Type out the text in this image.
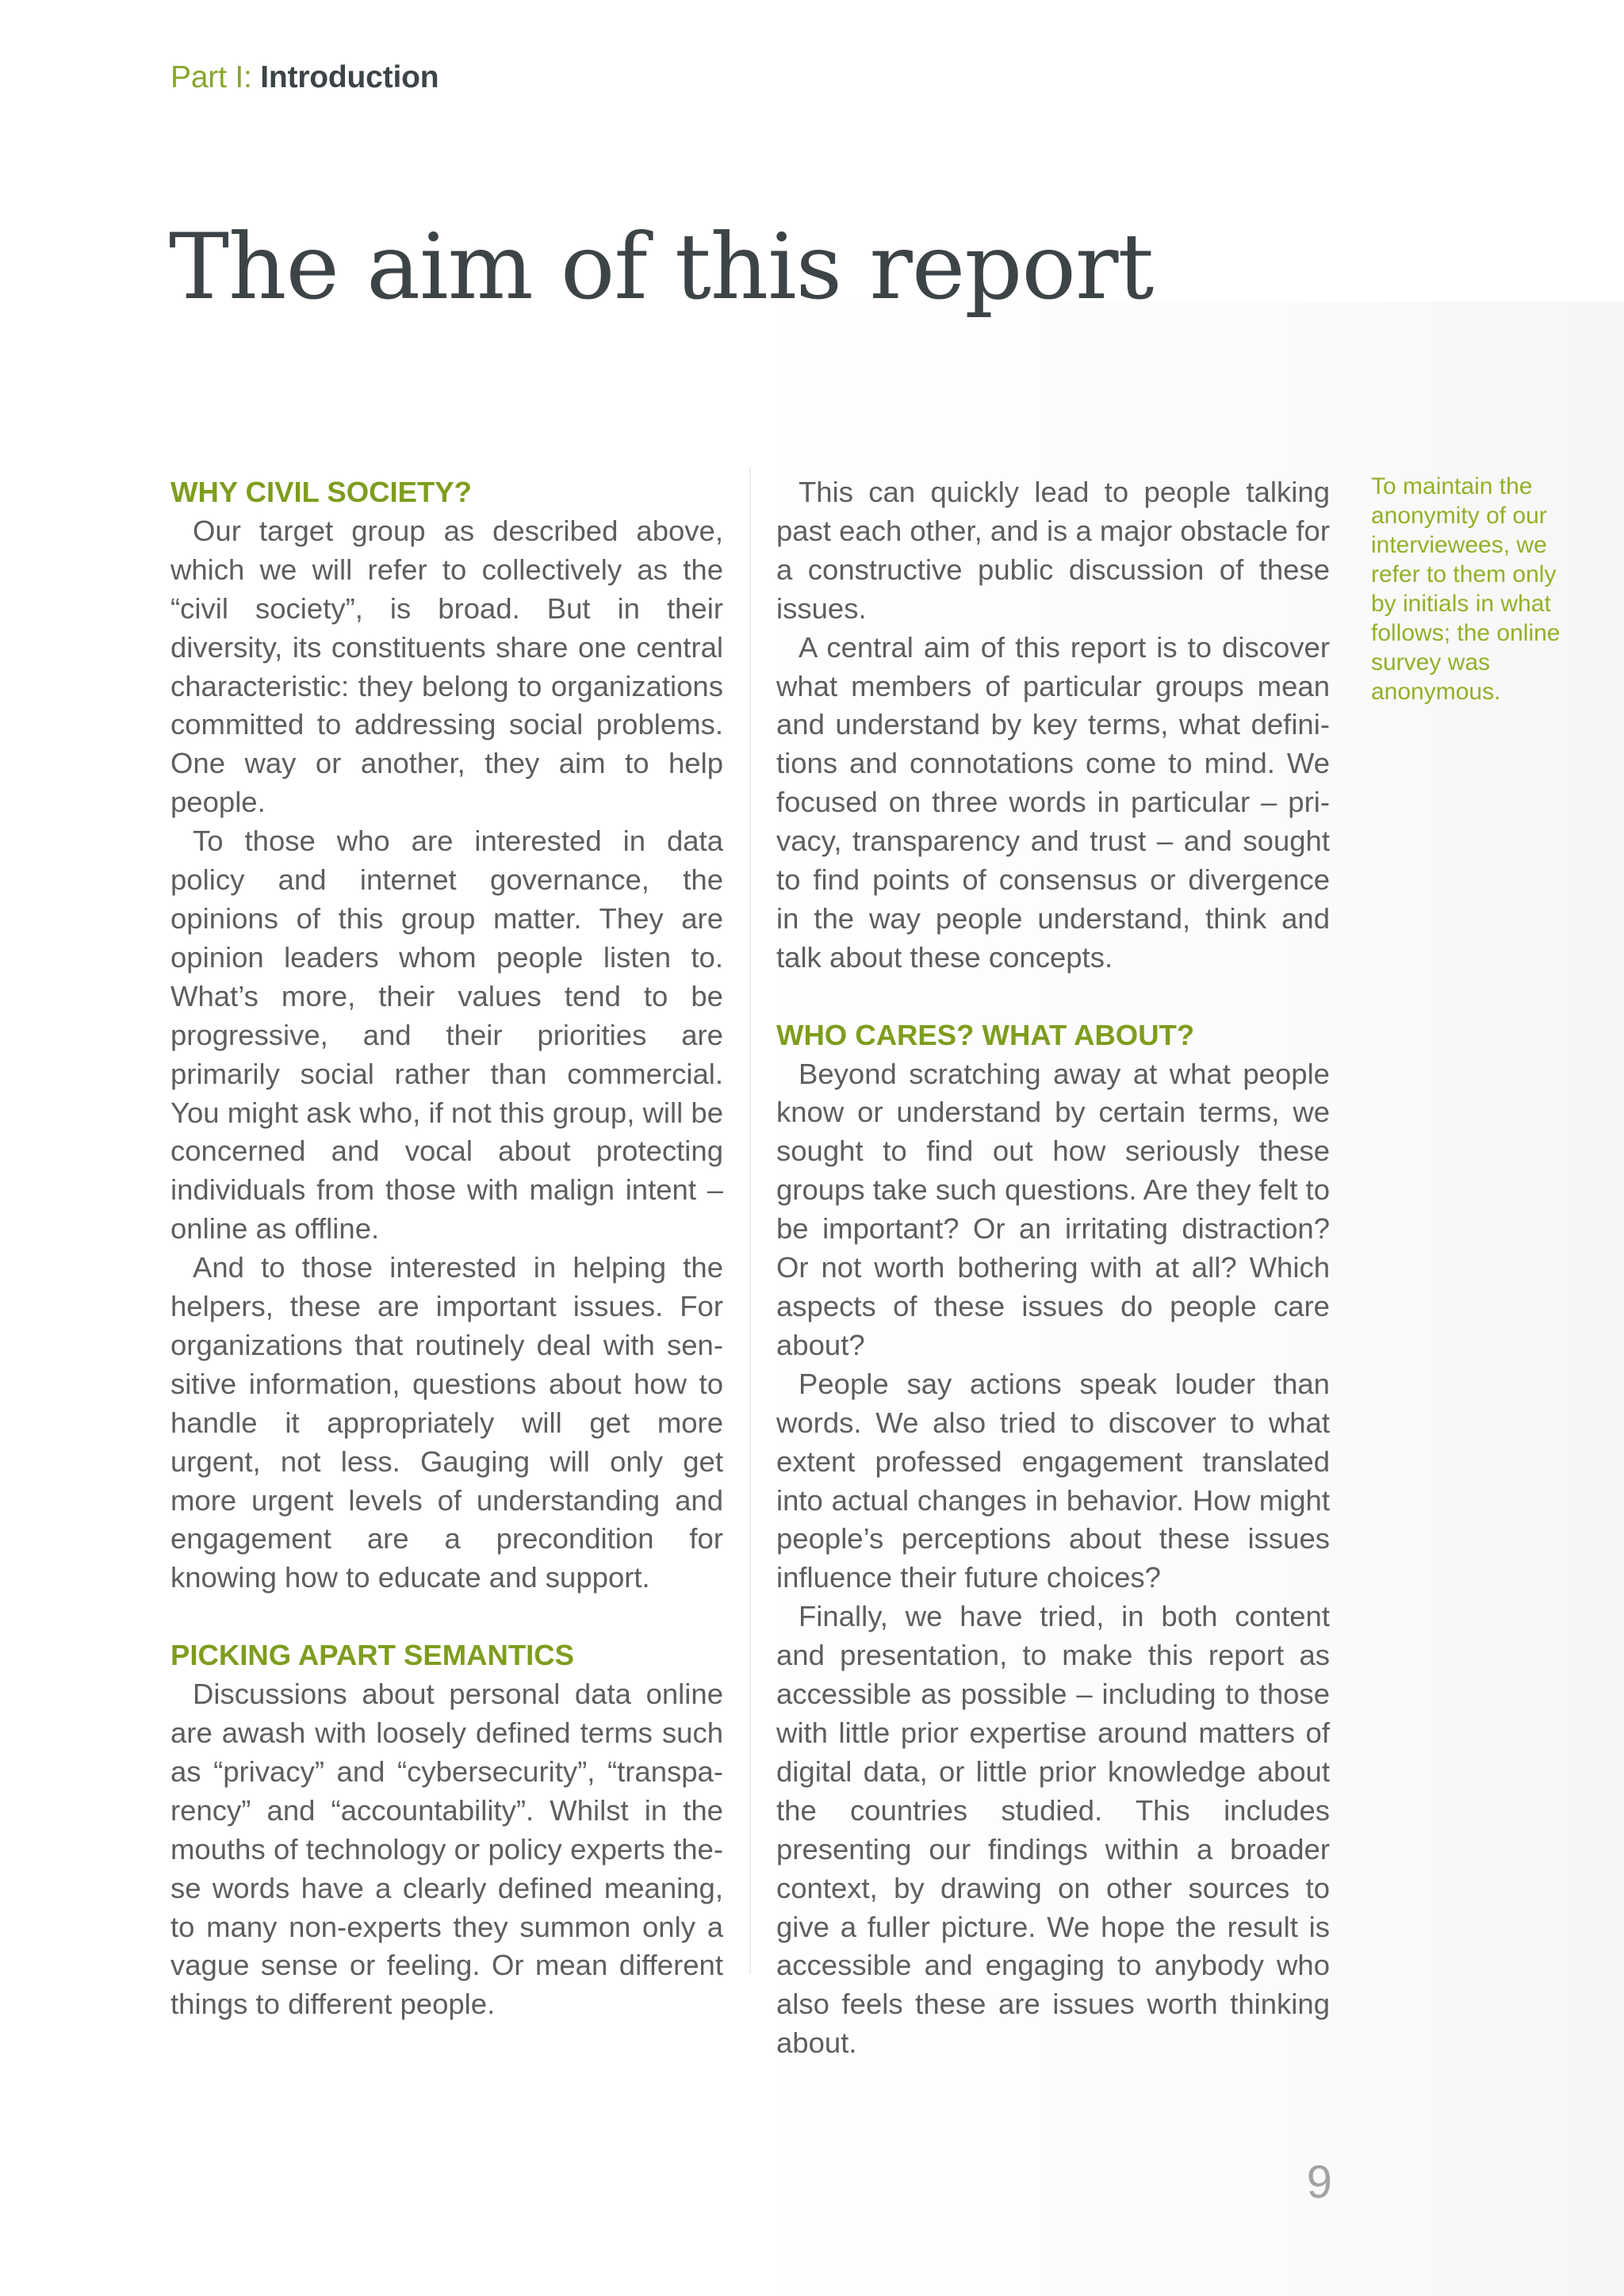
Part I: Introduction
The aim of this report
WHY CIVIL SOCIETY?

Our target group as described above, which we will refer to collectively as the “civil society”, is broad. But in their diversity, its constituents share one central characteristic: they belong to organizations committed to addressing social problems. One way or another, they aim to help people.

To those who are interested in data policy and internet governance, the opinions of this group matter. They are opinion leaders whom people listen to. What’s more, their values tend to be progressive, and their priorities are primarily social rather than commercial. You might ask who, if not this group, will be concerned and vocal about protecting individuals from those with malign intent – online as offline.

And to those interested in helping the helpers, these are important issues. For organizations that routinely deal with sensitive information, questions about how to handle it appropriately will get more urgent, not less. Gauging will only get more urgent levels of understanding and engagement are a precondition for knowing how to educate and support.

PICKING APART SEMANTICS

Discussions about personal data online are awash with loosely defined terms such as “privacy” and “cybersecurity”, “transparency” and “accountability”. Whilst in the mouths of technology or policy experts these words have a clearly defined meaning, to many non-experts they summon only a vague sense or feeling. Or mean different things to different people.

This can quickly lead to people talking past each other, and is a major obstacle for a constructive public discussion of these issues.

A central aim of this report is to discover what members of particular groups mean and understand by key terms, what definitions and connotations come to mind. We focused on three words in particular – privacy, transparency and trust – and sought to find points of consensus or divergence in the way people understand, think and talk about these concepts.

WHO CARES? WHAT ABOUT?

Beyond scratching away at what people know or understand by certain terms, we sought to find out how seriously these groups take such questions. Are they felt to be important? Or an irritating distraction? Or not worth bothering with at all? Which aspects of these issues do people care about?

People say actions speak louder than words. We also tried to discover to what extent professed engagement translated into actual changes in behavior. How might people’s perceptions about these issues influence their future choices?

Finally, we have tried, in both content and presentation, to make this report as accessible as possible – including to those with little prior expertise around matters of digital data, or little prior knowledge about the countries studied. This includes presenting our findings within a broader context, by drawing on other sources to give a fuller picture. We hope the result is accessible and engaging to anybody who also feels these are issues worth thinking about.

To maintain the anonymity of our interviewees, we refer to them only by initials in what follows; the online survey was anonymous.

9
